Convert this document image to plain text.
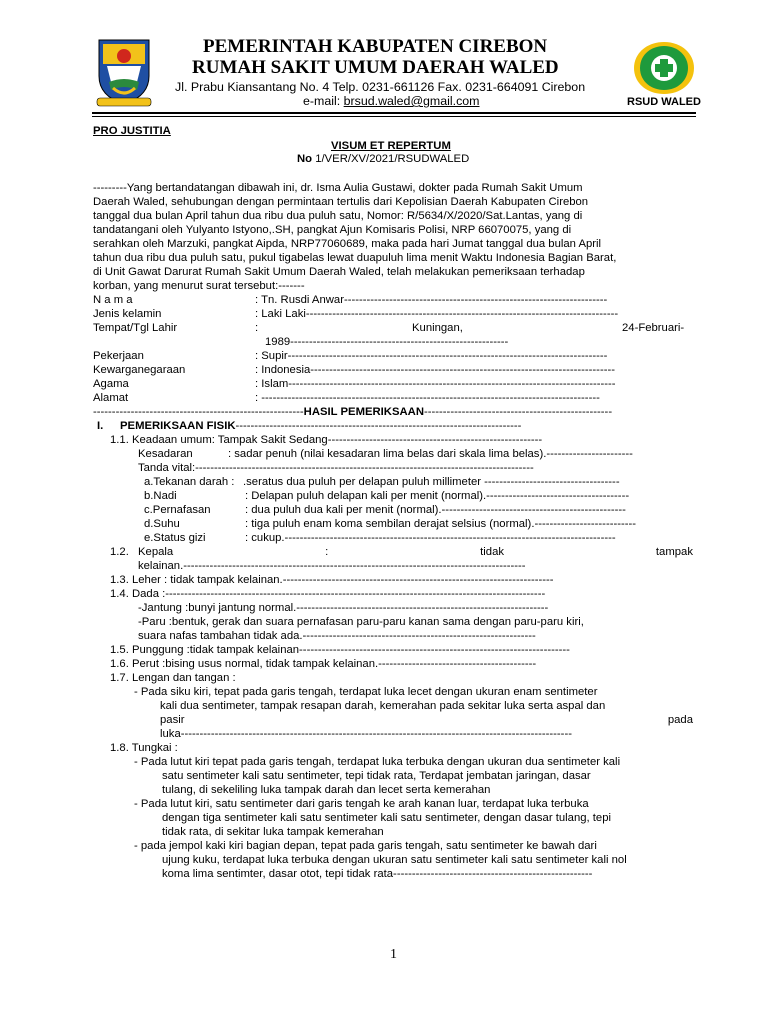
RSUD WALED
PEMERINTAH KABUPATEN CIREBON
RUMAH SAKIT UMUM DAERAH WALED
Jl. Prabu Kiansantang No. 4 Telp. 0231-661126 Fax. 0231-664091 Cirebon
e-mail: brsud.waled@gmail.com
PRO JUSTITIA
VISUM ET REPERTUM
No 1/VER/XV/2021/RSUDWALED
---------Yang bertandatangan dibawah ini, dr. Isma Aulia Gustawi, dokter pada Rumah Sakit Umum
Daerah Waled, sehubungan dengan permintaan tertulis dari Kepolisian Daerah Kabupaten Cirebon
tanggal dua bulan April tahun dua ribu dua puluh satu, Nomor: R/5634/X/2020/Sat.Lantas, yang di
tandatangani oleh Yulyanto Istyono,.SH, pangkat Ajun Komisaris Polisi, NRP 66070075, yang di
serahkan oleh Marzuki, pangkat Aipda, NRP77060689, maka pada hari Jumat tanggal dua bulan April
tahun dua ribu dua puluh satu, pukul tigabelas lewat duapuluh lima menit Waktu Indonesia Bagian Barat,
di Unit Gawat Darurat Rumah Sakit Umum Daerah Waled, telah melakukan pemeriksaan terhadap
korban, yang menurut surat tersebut:-------
N a m a	: Tn. Rusdi Anwar----------------------------------------------------------------------
Jenis kelamin	: Laki Laki-----------------------------------------------------------------------------------
Tempat/Tgl Lahir	:	Kuningan,	24-Februari-
1989----------------------------------------------------------
Pekerjaan	: Supir-------------------------------------------------------------------------------------
Kewarganegaraan	: Indonesia---------------------------------------------------------------------------------
Agama	: Islam---------------------------------------------------------------------------------------
Alamat	: ------------------------------------------------------------------------------------------
--------------------------------------------------------HASIL PEMERIKSAAN--------------------------------------------------
I. PEMERIKSAAN FISIK----------------------------------------------------------------------------
1.1. Keadaan umum: Tampak Sakit Sedang---------------------------------------------------------
Kesadaran	: sadar penuh (nilai kesadaran lima belas dari skala lima belas).-----------------------
Tanda vital:------------------------------------------------------------------------------------------
a.Tekanan darah : .seratus dua puluh per delapan puluh millimeter ------------------------------------
b.Nadi	: Delapan puluh delapan kali per menit (normal).--------------------------------------
c.Pernafasan	: dua puluh dua kali per menit (normal).-------------------------------------------------
d.Suhu	: tiga puluh enam koma sembilan derajat selsius (normal).---------------------------
e.Status gizi	: cukup.----------------------------------------------------------------------------------------
1.2. Kepala	:	tidak	tampak
kelainan.-------------------------------------------------------------------------------------------
1.3. Leher : tidak tampak kelainan.------------------------------------------------------------------------
1.4. Dada :-----------------------------------------------------------------------------------------------------
-Jantung :bunyi jantung normal.-------------------------------------------------------------------
-Paru :bentuk, gerak dan suara pernafasan paru-paru kanan sama dengan paru-paru kiri,
suara nafas tambahan tidak ada.--------------------------------------------------------------
1.5. Punggung :tidak tampak kelainan------------------------------------------------------------------------
1.6. Perut :bising usus normal, tidak tampak kelainan.------------------------------------------
1.7. Lengan dan tangan :
- Pada siku kiri, tepat pada garis tengah, terdapat luka lecet dengan ukuran enam sentimeter
kali dua sentimeter, tampak resapan darah, kemerahan pada sekitar luka serta aspal dan
pasir	pada
luka--------------------------------------------------------------------------------------------------------
1.8. Tungkai :
- Pada lutut kiri tepat pada garis tengah, terdapat luka terbuka dengan ukuran dua sentimeter kali
satu sentimeter kali satu sentimeter, tepi tidak rata, Terdapat jembatan jaringan, dasar
tulang, di sekeliling luka tampak darah dan lecet serta kemerahan
- Pada lutut kiri, satu sentimeter dari garis tengah ke arah kanan luar, terdapat luka terbuka
dengan tiga sentimeter kali satu sentimeter kali satu sentimeter, dengan dasar tulang, tepi
tidak rata, di sekitar luka tampak kemerahan
- pada jempol kaki kiri bagian depan, tepat pada garis tengah, satu sentimeter ke bawah dari
ujung kuku, terdapat luka terbuka dengan ukuran satu sentimeter kali satu sentimeter kali nol
koma lima sentimter, dasar otot, tepi tidak rata-----------------------------------------------------
1
